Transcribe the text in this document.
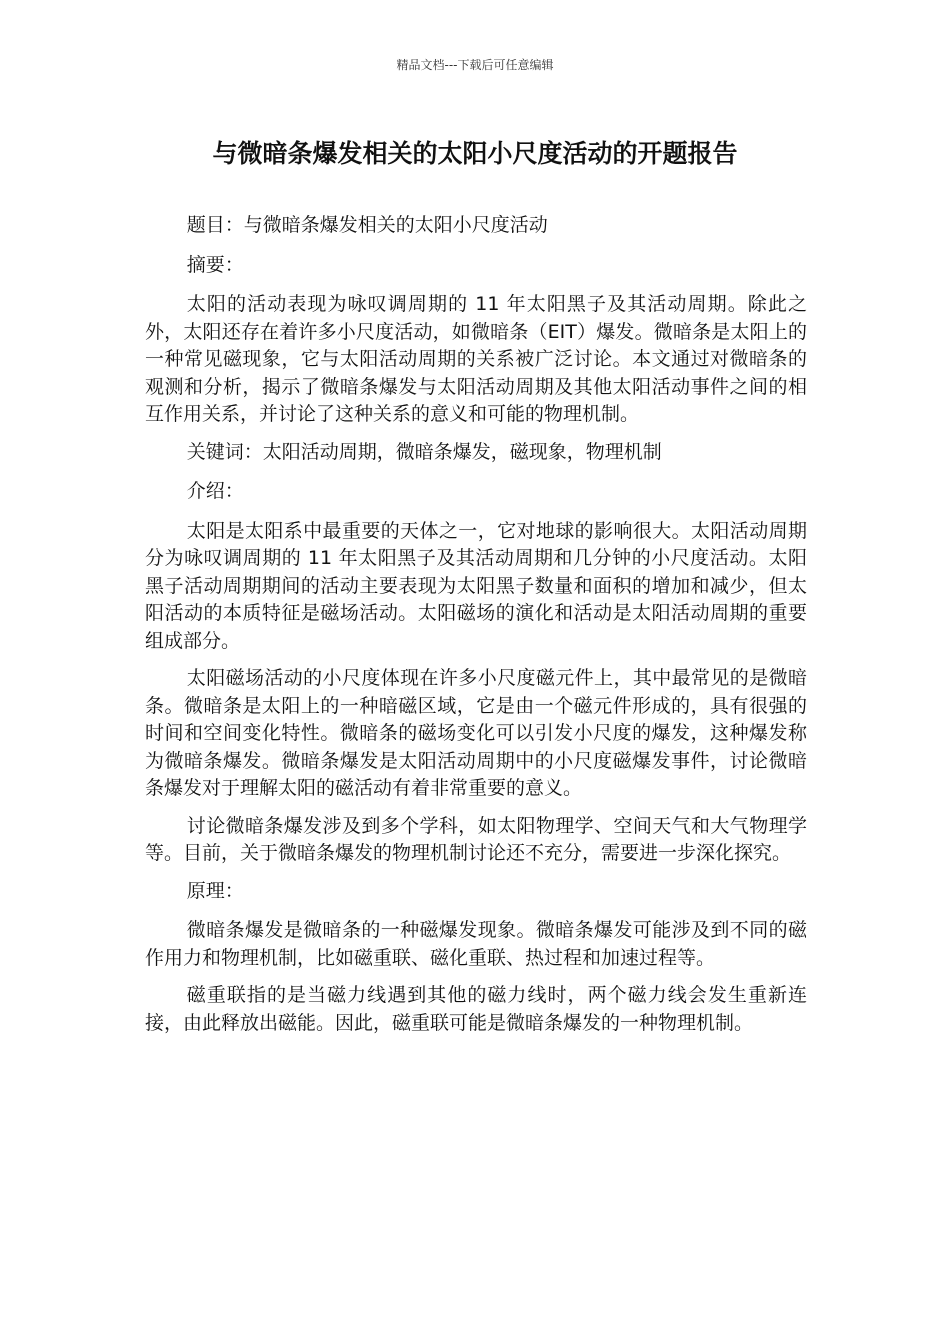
精品文档---下载后可任意编辑
与微暗条爆发相关的太阳小尺度活动的开题报告

题目：与微暗条爆发相关的太阳小尺度活动

摘要：

太阳的活动表现为咏叹调周期的 11 年太阳黑子及其活动周期。除此之外，太阳还存在着许多小尺度活动，如微暗条（EIT）爆发。微暗条是太阳上的一种常见磁现象，它与太阳活动周期的关系被广泛讨论。本文通过对微暗条的观测和分析，揭示了微暗条爆发与太阳活动周期及其他太阳活动事件之间的相互作用关系，并讨论了这种关系的意义和可能的物理机制。

关键词：太阳活动周期，微暗条爆发，磁现象，物理机制

介绍：

太阳是太阳系中最重要的天体之一，它对地球的影响很大。太阳活动周期分为咏叹调周期的 11 年太阳黑子及其活动周期和几分钟的小尺度活动。太阳黑子活动周期期间的活动主要表现为太阳黑子数量和面积的增加和减少，但太阳活动的本质特征是磁场活动。太阳磁场的演化和活动是太阳活动周期的重要组成部分。

太阳磁场活动的小尺度体现在许多小尺度磁元件上，其中最常见的是微暗条。微暗条是太阳上的一种暗磁区域，它是由一个磁元件形成的，具有很强的时间和空间变化特性。微暗条的磁场变化可以引发小尺度的爆发，这种爆发称为微暗条爆发。微暗条爆发是太阳活动周期中的小尺度磁爆发事件，讨论微暗条爆发对于理解太阳的磁活动有着非常重要的意义。

讨论微暗条爆发涉及到多个学科，如太阳物理学、空间天气和大气物理学等。目前，关于微暗条爆发的物理机制讨论还不充分，需要进一步深化探究。

原理：

微暗条爆发是微暗条的一种磁爆发现象。微暗条爆发可能涉及到不同的磁作用力和物理机制，比如磁重联、磁化重联、热过程和加速过程等。

磁重联指的是当磁力线遇到其他的磁力线时，两个磁力线会发生重新连接，由此释放出磁能。因此，磁重联可能是微暗条爆发的一种物理机制。
